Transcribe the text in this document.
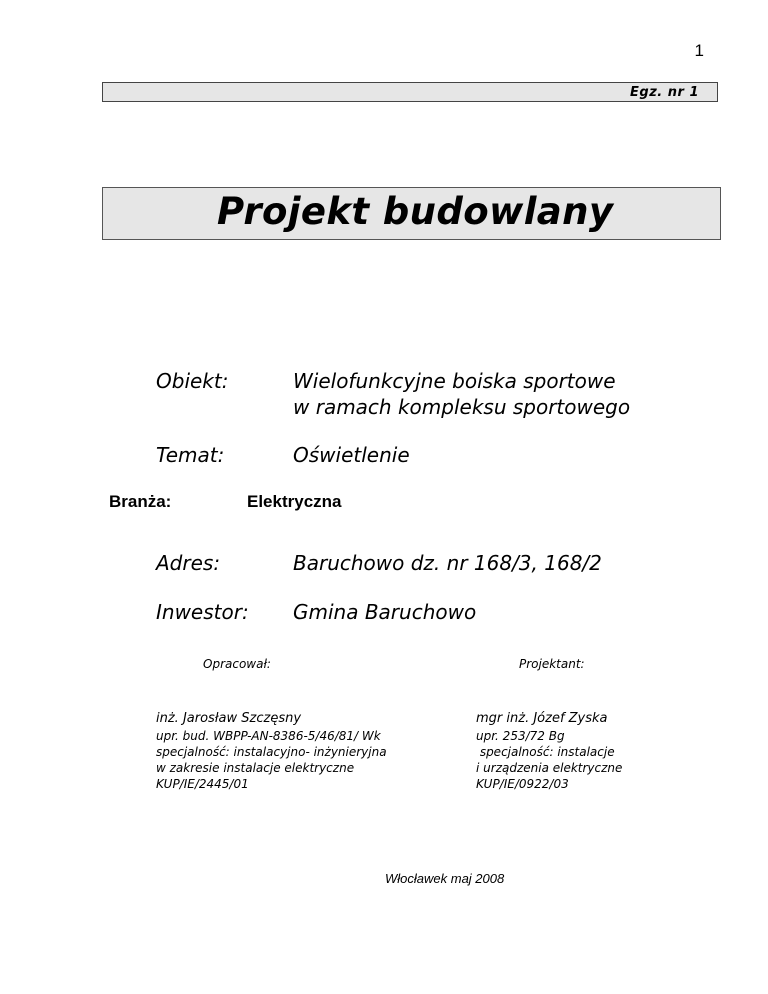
1
Egz. nr 1
Projekt budowlany
Obiekt:	Wielofunkcyjne boiska sportowe
w ramach kompleksu sportowego
Temat:	Oświetlenie
Branża:	Elektryczna
Adres:	Baruchowo dz. nr 168/3, 168/2
Inwestor: Gmina Baruchowo
Opracował:	Projektant:
inż. Jarosław Szczęsny
upr. bud. WBPP-AN-8386-5/46/81/ Wk
specjalność: instalacyjno- inżynieryjna
w zakresie instalacje elektryczne
KUP/IE/2445/01
mgr inż. Józef Zyska
upr. 253/72 Bg
specjalność: instalacje
i urządzenia elektryczne
KUP/IE/0922/03
Włocławek maj 2008
